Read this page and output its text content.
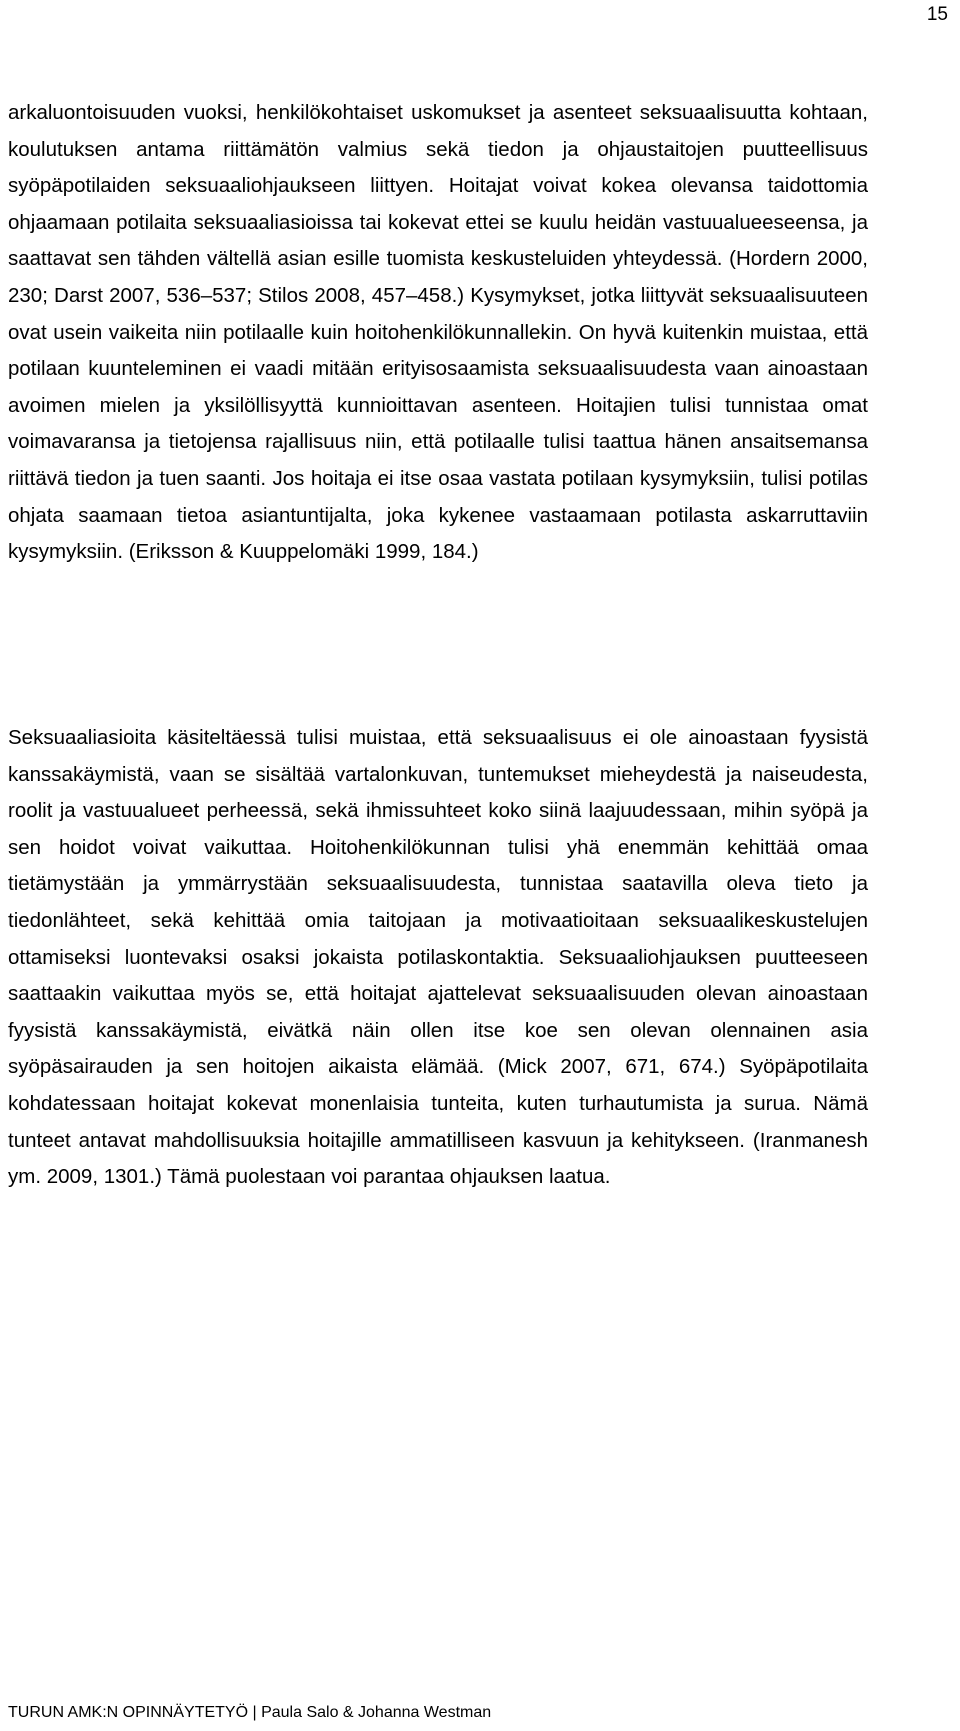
15

arkaluontoisuuden vuoksi, henkilökohtaiset uskomukset ja asenteet seksuaalisuutta kohtaan, koulutuksen antama riittämätön valmius sekä tiedon ja ohjaustaitojen puutteellisuus syöpäpotilaiden seksuaaliohjaukseen liittyen. Hoitajat voivat kokea olevansa taidottomia ohjaamaan potilaita seksuaaliasioissa tai kokevat ettei se kuulu heidän vastuualueeseensa, ja saattavat sen tähden vältellä asian esille tuomista keskusteluiden yhteydessä. (Hordern 2000, 230; Darst 2007, 536–537; Stilos 2008, 457–458.) Kysymykset, jotka liittyvät seksuaalisuuteen ovat usein vaikeita niin potilaalle kuin hoitohenkilökunnallekin. On hyvä kuitenkin muistaa, että potilaan kuunteleminen ei vaadi mitään erityisosaamista seksuaalisuudesta vaan ainoastaan avoimen mielen ja yksilöllisyyttä kunnioittavan asenteen. Hoitajien tulisi tunnistaa omat voimavaransa ja tietojensa rajallisuus niin, että potilaalle tulisi taattua hänen ansaitsemansa riittävä tiedon ja tuen saanti. Jos hoitaja ei itse osaa vastata potilaan kysymyksiin, tulisi potilas ohjata saamaan tietoa asiantuntijalta, joka kykenee vastaamaan potilasta askarruttaviin kysymyksiin. (Eriksson & Kuuppelomäki 1999, 184.)

Seksuaaliasioita käsiteltäessä tulisi muistaa, että seksuaalisuus ei ole ainoastaan fyysistä kanssakäymistä, vaan se sisältää vartalonkuvan, tuntemukset mieheydestä ja naiseudesta, roolit ja vastuualueet perheessä, sekä ihmissuhteet koko siinä laajuudessaan, mihin syöpä ja sen hoidot voivat vaikuttaa. Hoitohenkilökunnan tulisi yhä enemmän kehittää omaa tietämystään ja ymmärrystään seksuaalisuudesta, tunnistaa saatavilla oleva tieto ja tiedonlähteet, sekä kehittää omia taitojaan ja motivaatioitaan seksuaalikeskustelujen ottamiseksi luontevaksi osaksi jokaista potilaskontaktia. Seksuaaliohjauksen puutteeseen saattaakin vaikuttaa myös se, että hoitajat ajattelevat seksuaalisuuden olevan ainoastaan fyysistä kanssakäymistä, eivätkä näin ollen itse koe sen olevan olennainen asia syöpäsairauden ja sen hoitojen aikaista elämää. (Mick 2007, 671, 674.) Syöpäpotilaita kohdatessaan hoitajat kokevat monenlaisia tunteita, kuten turhautumista ja surua. Nämä tunteet antavat mahdollisuuksia hoitajille ammatilliseen kasvuun ja kehitykseen. (Iranmanesh ym. 2009, 1301.) Tämä puolestaan voi parantaa ohjauksen laatua.

TURUN AMK:N OPINNÄYTETYÖ | Paula Salo & Johanna Westman
